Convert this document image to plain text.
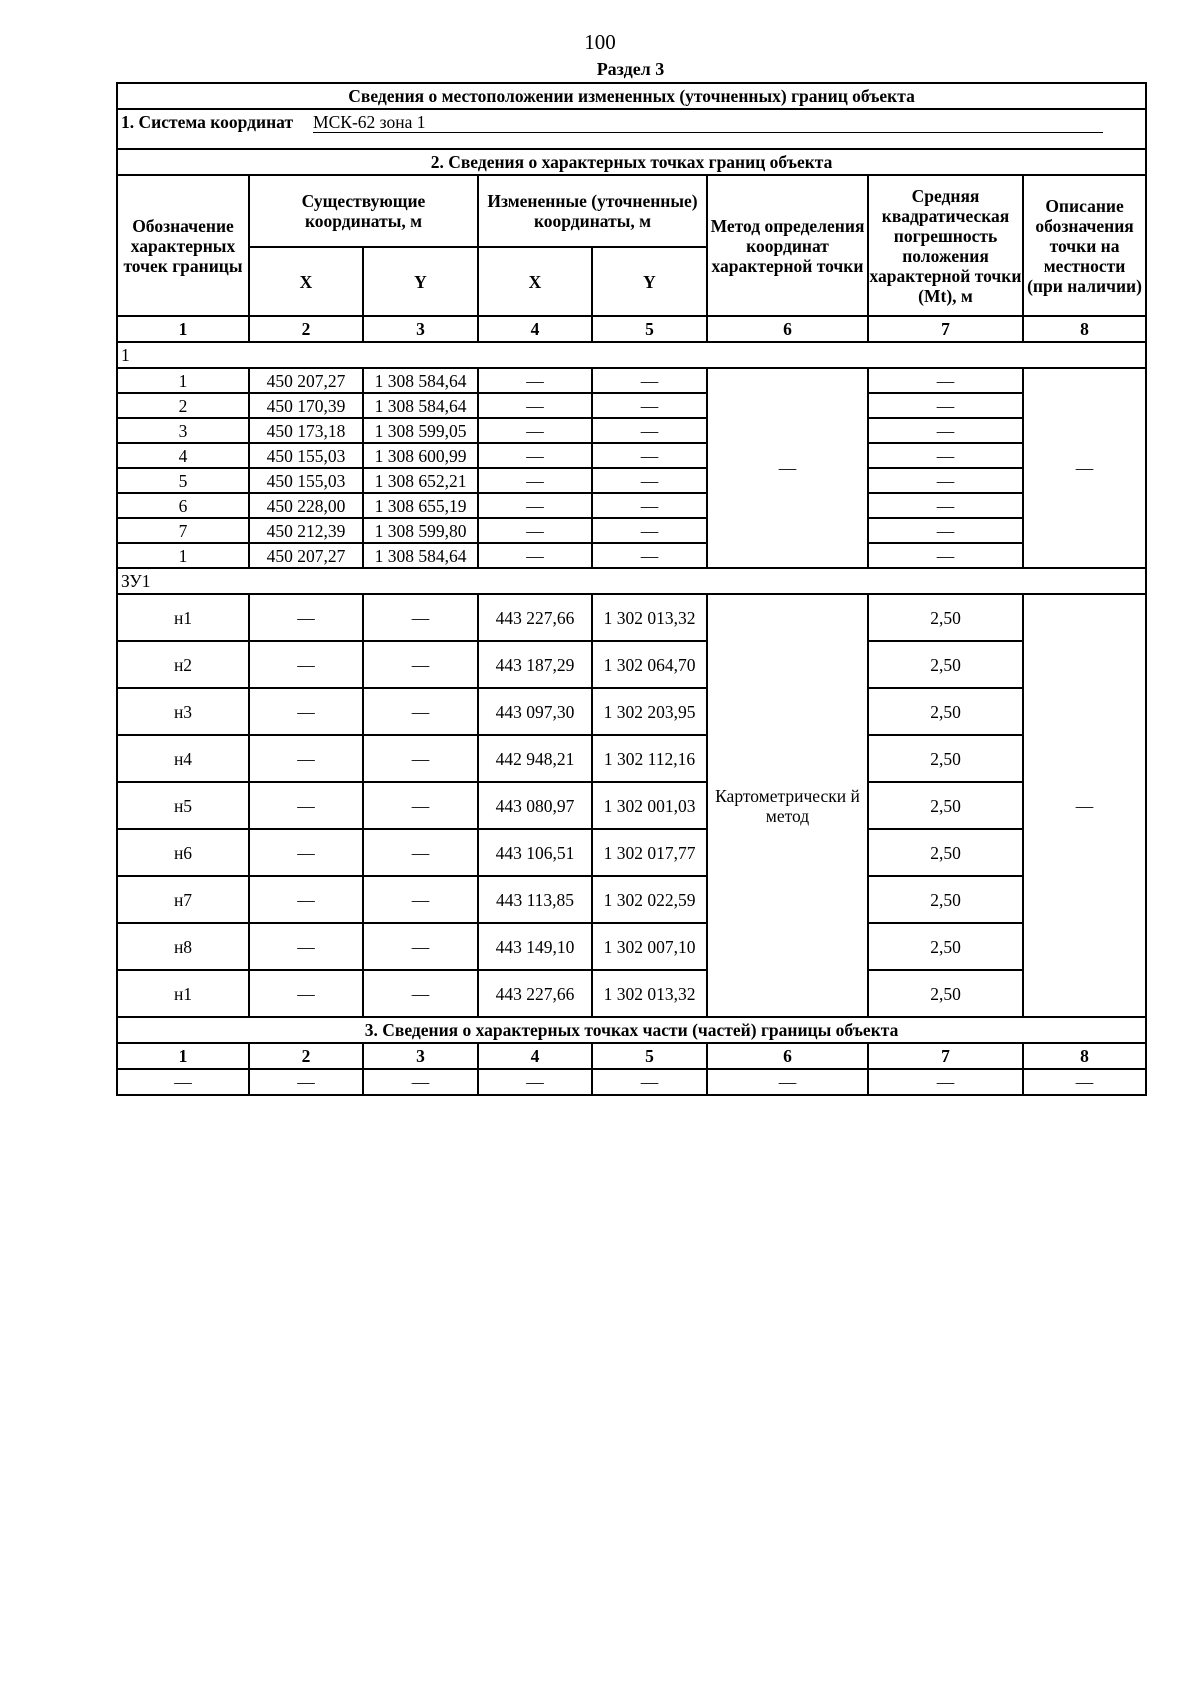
100
Раздел 3
Сведения о местоположении измененных (уточненных) границ объекта							
1. Система координат МСК-62 зона 1							
2. Сведения о характерных точках границ объекта							
Обозначение характерных точек границы	Существующие координаты, м		Измененные (уточненные) координаты, м		Метод определения координат характерной точки	Средняя квадратическая погрешность положения характерной точки (Mt), м	Описание обозначения точки на местности (при наличии)
	X	Y	X	Y			
1	2	3	4	5	6	7	8
1							
1	450 207,27	1 308 584,64	—	—	—	—	—
2	450 170,39	1 308 584,64	—	—		—	
3	450 173,18	1 308 599,05	—	—		—	
4	450 155,03	1 308 600,99	—	—		—	
5	450 155,03	1 308 652,21	—	—		—	
6	450 228,00	1 308 655,19	—	—		—	
7	450 212,39	1 308 599,80	—	—		—	
1	450 207,27	1 308 584,64	—	—		—	
ЗУ1							
н1	—	—	443 227,66	1 302 013,32	Картометрически й метод	2,50	—
н2	—	—	443 187,29	1 302 064,70		2,50	
н3	—	—	443 097,30	1 302 203,95		2,50	
н4	—	—	442 948,21	1 302 112,16		2,50	
н5	—	—	443 080,97	1 302 001,03		2,50	
н6	—	—	443 106,51	1 302 017,77		2,50	
н7	—	—	443 113,85	1 302 022,59		2,50	
н8	—	—	443 149,10	1 302 007,10		2,50	
н1	—	—	443 227,66	1 302 013,32		2,50	
3. Сведения о характерных точках части (частей) границы объекта							
1	2	3	4	5	6	7	8
—	—	—	—	—	—	—	—
